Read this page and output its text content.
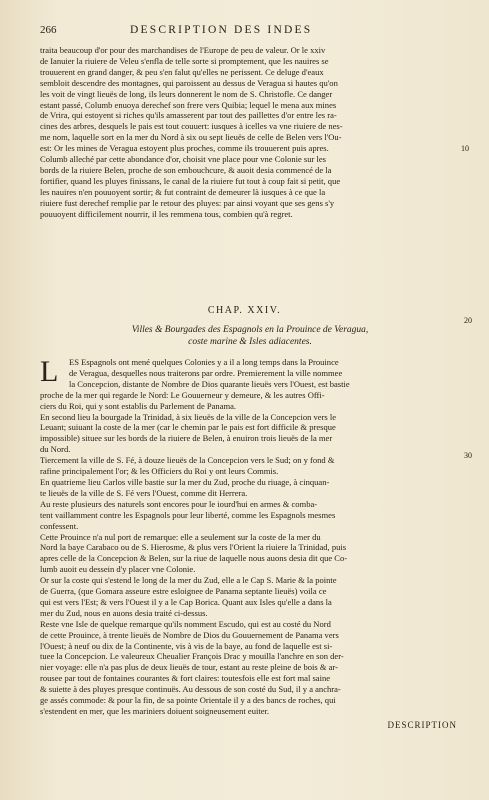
266	DESCRIPTION DES INDES
traita beaucoup d'or pour des marchandises de l'Europe de peu de valeur. Or le xxiv
de Ianuier la riuiere de Veleu s'enfla de telle sorte si promptement, que les nauires se
trouuerent en grand danger, & peu s'en falut qu'elles ne perissent. Ce deluge d'eaux
sembloit descendre des montagnes, qui paroissent au dessus de Veragua si hautes qu'on
les voit de vingt lieuës de long, ils leurs donnerent le nom de S. Christofle. Ce danger
estant passé, Columb enuoya derechef son frere vers Quibia; lequel le mena aux mines
de Vrira, qui estoyent si riches qu'ils amasserent par tout des paillettes d'or entre les ra-
cines des arbres, desquels le pais est tout couuert: iusques à icelles va vne riuiere de nes-
me nom, laquelle sort en la mer du Nord à six ou sept lieuës de celle de Belen vers l'Ou-
est: Or les mines de Veragua estoyent plus proches, comme ils trouuerent puis apres.
Columb alleché par cette abondance d'or, choisit vne place pour vne Colonie sur les
bords de la riuiere Belen, proche de son embouchcure, & auoit desia commencé de la
fortifier, quand les pluyes finissans, le canal de la riuiere fut tout à coup fait si petit, que
les nauires n'en pouuoyent sortir; & fut contraint de demeurer là iusques à ce que la
riuiere fust derechef remplie par le retour des pluyes: par ainsi voyant que ses gens s'y
pouuoyent difficilement nourrir, il les remmena tous, combien qu'à regret.
10
20
30
CHAP. XXIV.
Villes & Bourgades des Espagnols en la Prouince de Veragua,
coste marine & Isles adiacentes.
L	ES Espagnols ont mené quelques Colonies y a il a long temps dans la Prouince
de Veragua, desquelles nous traiterons par ordre. Premierement la ville nommee
la Concepcion, distante de Nombre de Dios quarante lieuës vers l'Ouest, est bastie
proche de la mer qui regarde le Nord: Le Gouuerneur y demeure, & les autres Offi-
ciers du Roi, qui y sont establis du Parlement de Panama.
En second lieu la bourgade la Trinidad, à six lieuës de la ville de la Concepcion vers le
Leuant; suiuant la coste de la mer (car le chemin par le pais est fort difficile & presque
impossible) situee sur les bords de la riuiere de Belen, à enuiron trois lieuës de la mer
du Nord.
Tiercement la ville de S. Fé, à douze lieuës de la Concepcion vers le Sud; on y fond &
rafine principalement l'or; & les Officiers du Roi y ont leurs Commis.
En quatrieme lieu Carlos ville bastie sur la mer du Zud, proche du riuage, à cinquan-
te lieuës de la ville de S. Fé vers l'Ouest, comme dit Herrera.
Au reste plusieurs des naturels sont encores pour le iourd'hui en armes & comba-
tent vaillamment contre les Espagnols pour leur liberté, comme les Espagnols mesmes
confessent.
Cette Prouince n'a nul port de remarque: elle a seulement sur la coste de la mer du
Nord la baye Carabaco ou de S. Hierosme, & plus vers l'Orient la riuiere la Trinidad, puis
apres celle de la Concepcion & Belen, sur la riue de laquelle nous auons desia dit que Co-
lumb auoit eu dessein d'y placer vne Colonie.
Or sur la coste qui s'estend le long de la mer du Zud, elle a le Cap S. Marie & la pointe
de Guerra, (que Gomara asseure estre esloignee de Panama septante lieuës) voila ce
qui est vers l'Est; & vers l'Ouest il y a le Cap Borica. Quant aux Isles qu'elle a dans la
mer du Zud, nous en auons desia traité ci-dessus.
Reste vne Isle de quelque remarque qu'ils nomment Escudo, qui est au costé du Nord
de cette Prouince, à trente lieuës de Nombre de Dios du Gouuernement de Panama vers
l'Ouest; à neuf ou dix de la Continente, vis à vis de la baye, au fond de laquelle est si-
tuee la Concepcion. Le valeureux Cheualier François Drac y mouilla l'anchre en son der-
nier voyage: elle n'a pas plus de deux lieuës de tour, estant au reste pleine de bois & ar-
rousee par tout de fontaines courantes & fort claires: toutesfois elle est fort mal saine
& suiette à des pluyes presque continuës. Au dessous de son costé du Sud, il y a anchra-
ge assés commode: & pour la fin, de sa pointe Orientale il y a des bancs de roches, qui
s'estendent en mer, que les mariniers doiuent soigneusement euiter.
DESCRIPTION
